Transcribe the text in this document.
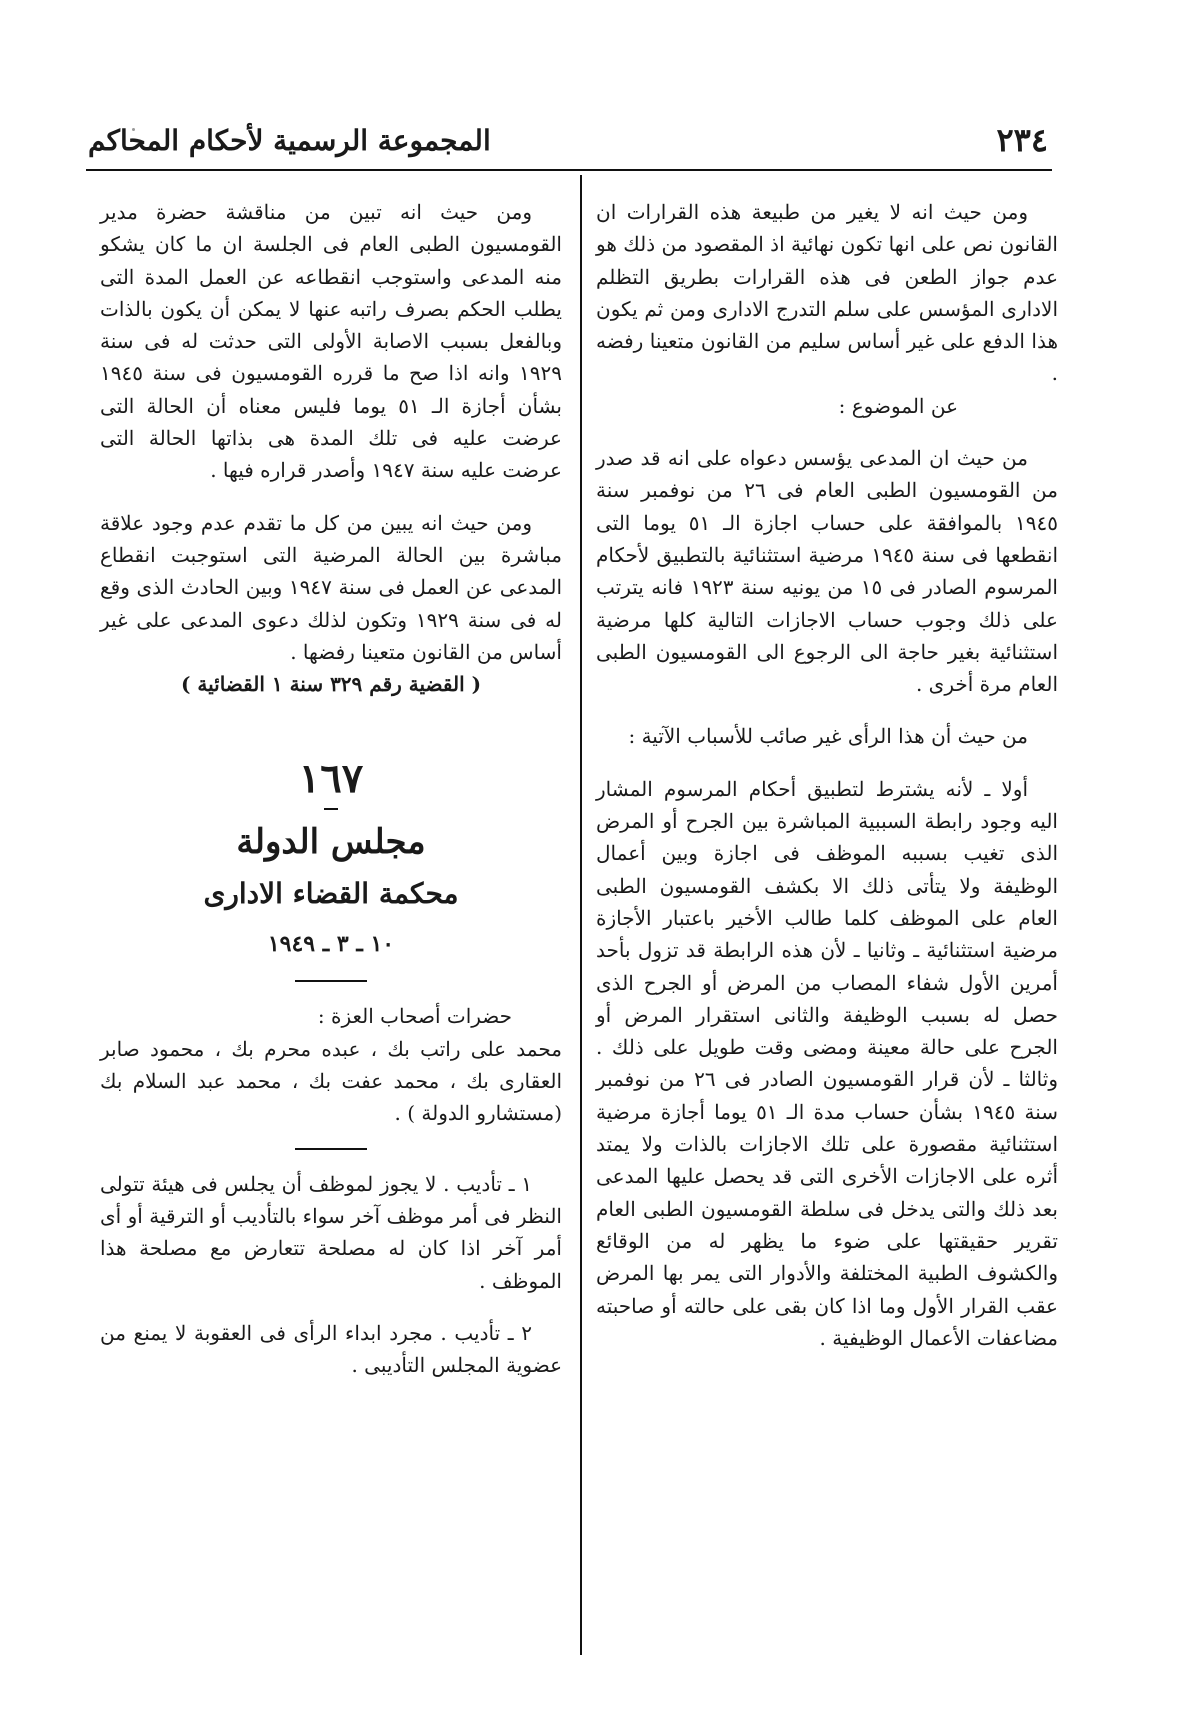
المجموعة الرسمية لأحكام المحاكم	٢٣٤

ومن حيث انه لا يغير من طبيعة هذه القرارات ان القانون نص على انها تكون نهائية اذ المقصود من ذلك هو عدم جواز الطعن فى هذه القرارات بطريق التظلم الادارى المؤسس على سلم التدرج الادارى ومن ثم يكون هذا الدفع على غير أساس سليم من القانون متعينا رفضه .

عن الموضوع :

من حيث ان المدعى يؤسس دعواه على انه قد صدر من القومسيون الطبى العام فى ٢٦ من نوفمبر سنة ١٩٤٥ بالموافقة على حساب اجازة الـ ٥١ يوما التى انقطعها فى سنة ١٩٤٥ مرضية استثنائية بالتطبيق لأحكام المرسوم الصادر فى ١٥ من يونيه سنة ١٩٢٣ فانه يترتب على ذلك وجوب حساب الاجازات التالية كلها مرضية استثنائية بغير حاجة الى الرجوع الى القومسيون الطبى العام مرة أخرى .

من حيث أن هذا الرأى غير صائب للأسباب الآتية :

أولا ـ لأنه يشترط لتطبيق أحكام المرسوم المشار اليه وجود رابطة السببية المباشرة بين الجرح أو المرض الذى تغيب بسببه الموظف فى اجازة وبين أعمال الوظيفة ولا يتأتى ذلك الا بكشف القومسيون الطبى العام على الموظف كلما طالب الأخير باعتبار الأجازة مرضية استثنائية ـ وثانيا ـ لأن هذه الرابطة قد تزول بأحد أمرين الأول شفاء المصاب من المرض أو الجرح الذى حصل له بسبب الوظيفة والثانى استقرار المرض أو الجرح على حالة معينة ومضى وقت طويل على ذلك . وثالثا ـ لأن قرار القومسيون الصادر فى ٢٦ من نوفمبر سنة ١٩٤٥ بشأن حساب مدة الـ ٥١ يوما أجازة مرضية استثنائية مقصورة على تلك الاجازات بالذات ولا يمتد أثره على الاجازات الأخرى التى قد يحصل عليها المدعى بعد ذلك والتى يدخل فى سلطة القومسيون الطبى العام تقرير حقيقتها على ضوء ما يظهر له من الوقائع والكشوف الطبية المختلفة والأدوار التى يمر بها المرض عقب القرار الأول وما اذا كان بقى على حالته أو صاحبته مضاعفات الأعمال الوظيفية .

ومن حيث انه تبين من مناقشة حضرة مدير القومسيون الطبى العام فى الجلسة ان ما كان يشكو منه المدعى واستوجب انقطاعه عن العمل المدة التى يطلب الحكم بصرف راتبه عنها لا يمكن أن يكون بالذات وبالفعل بسبب الاصابة الأولى التى حدثت له فى سنة ١٩٢٩ وانه اذا صح ما قرره القومسيون فى سنة ١٩٤٥ بشأن أجازة الـ ٥١ يوما فليس معناه أن الحالة التى عرضت عليه فى تلك المدة هى بذاتها الحالة التى عرضت عليه سنة ١٩٤٧ وأصدر قراره فيها .

ومن حيث انه يبين من كل ما تقدم عدم وجود علاقة مباشرة بين الحالة المرضية التى استوجبت انقطاع المدعى عن العمل فى سنة ١٩٤٧ وبين الحادث الذى وقع له فى سنة ١٩٢٩ وتكون لذلك دعوى المدعى على غير أساس من القانون متعينا رفضها .

( القضية رقم ٣٢٩ سنة ١ القضائية )

١٦٧
مجلس الدولة
محكمة القضاء الادارى
١٠ ـ ٣ ـ ١٩٤٩

حضرات أصحاب العزة :

محمد على راتب بك ، عبده محرم بك ، محمود صابر العقارى بك ، محمد عفت بك ، محمد عبد السلام بك (مستشارو الدولة ) .

١ ـ تأديب . لا يجوز لموظف أن يجلس فى هيئة تتولى النظر فى أمر موظف آخر سواء بالتأديب أو الترقية أو أى أمر آخر اذا كان له مصلحة تتعارض مع مصلحة هذا الموظف .

٢ ـ تأديب . مجرد ابداء الرأى فى العقوبة لا يمنع من عضوية المجلس التأديبى .
